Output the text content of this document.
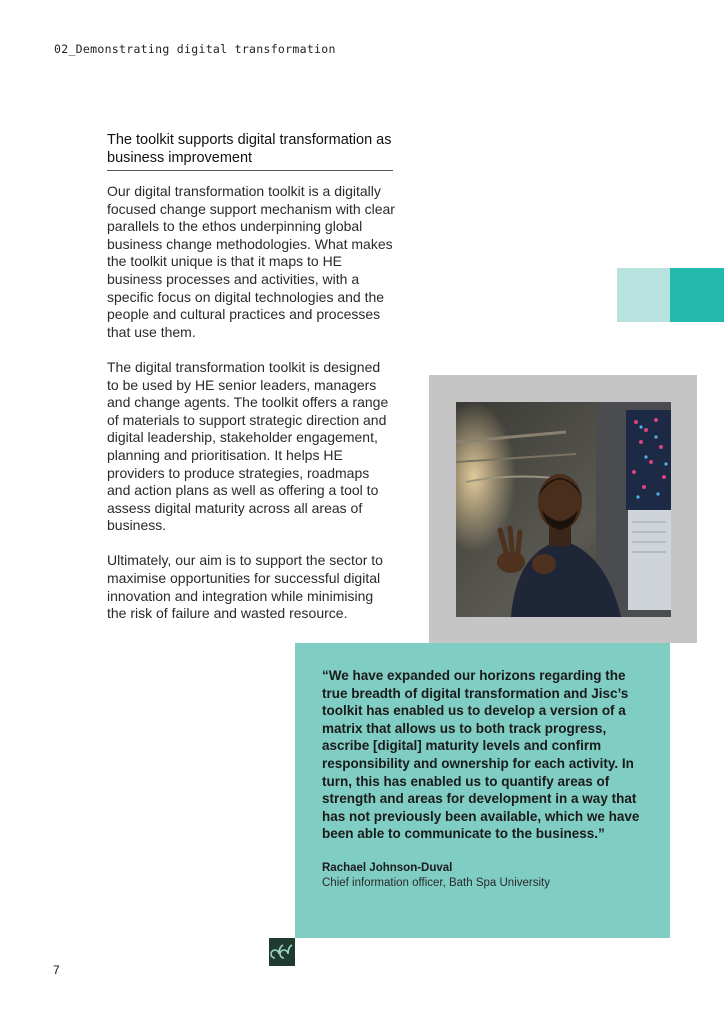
02_Demonstrating digital transformation
The toolkit supports digital transformation as business improvement

Our digital transformation toolkit is a digitally focused change support mechanism with clear parallels to the ethos underpinning global business change methodologies. What makes the toolkit unique is that it maps to HE business processes and activities, with a specific focus on digital technologies and the people and cultural practices and processes that use them.

The digital transformation toolkit is designed to be used by HE senior leaders, managers and change agents. The toolkit offers a range of materials to support strategic direction and digital leadership, stakeholder engagement, planning and prioritisation. It helps HE providers to produce strategies, roadmaps and action plans as well as offering a tool to assess digital maturity across all areas of business.

Ultimately, our aim is to support the sector to maximise opportunities for successful digital innovation and integration while minimising the risk of failure and wasted resource.

“We have expanded our horizons regarding the true breadth of digital transformation and Jisc’s toolkit has enabled us to develop a version of a matrix that allows us to both track progress, ascribe [digital] maturity levels and confirm responsibility and ownership for each activity. In turn, this has enabled us to quantify areas of strength and areas for development in a way that has not previously been available, which we have been able to communicate to the business.”

Rachael Johnson-Duval
Chief information officer, Bath Spa University
7
